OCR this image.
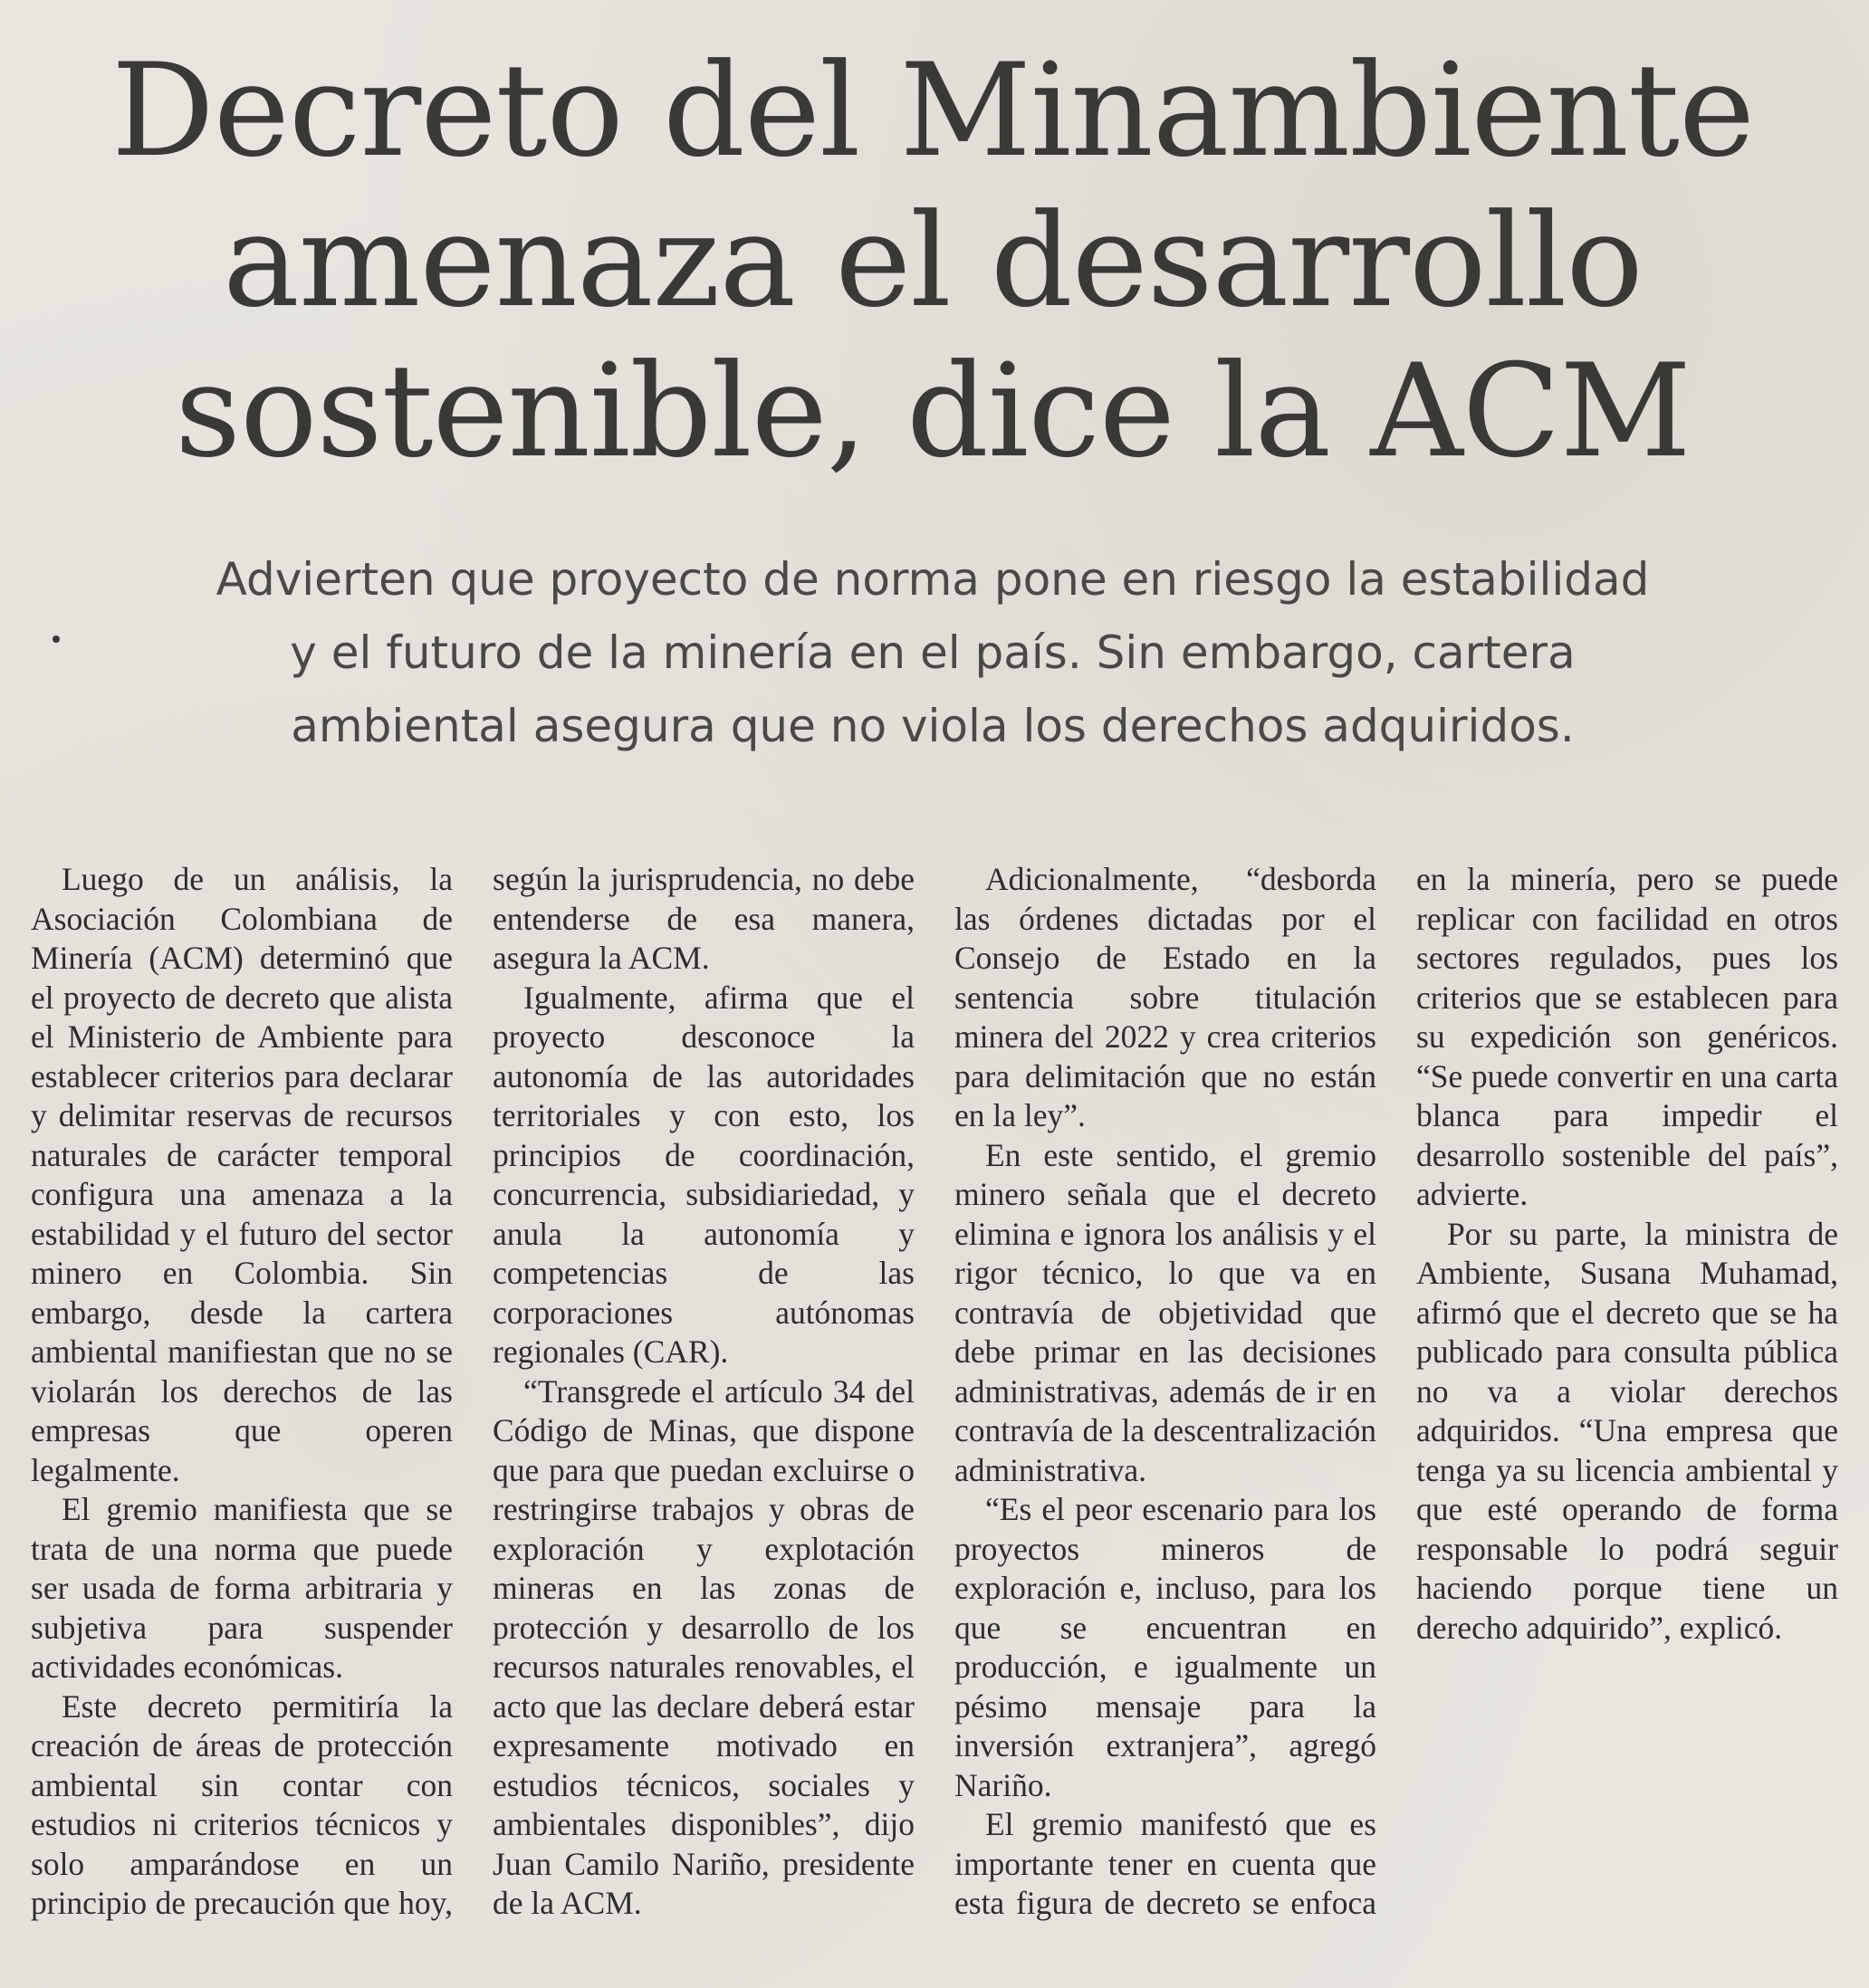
Decreto del Minambiente
amenaza el desarrollo
sostenible, dice la ACM
Advierten que proyecto de norma pone en riesgo la estabilidad
y el futuro de la minería en el país. Sin embargo, cartera
ambiental asegura que no viola los derechos adquiridos.

Luego de un análisis, la Asociación Colombiana de Minería (ACM) determinó que el proyecto de decreto que alista el Ministerio de Ambiente para establecer criterios para declarar y delimitar reservas de recursos naturales de carácter temporal configura una amenaza a la estabilidad y el futuro del sector minero en Colombia. Sin embargo, desde la cartera ambiental manifiestan que no se violarán los derechos de las empresas que operen legalmente.

El gremio manifiesta que se trata de una norma que puede ser usada de forma arbitraria y subjetiva para suspender actividades económicas.

Este decreto permitiría la creación de áreas de protección ambiental sin contar con estudios ni criterios técnicos y solo amparándose en un principio de precaución que hoy, según la jurisprudencia, no debe entenderse de esa manera, asegura la ACM.

Igualmente, afirma que el proyecto desconoce la autonomía de las autoridades territoriales y con esto, los principios de coordinación, concurrencia, subsidiariedad, y anula la autonomía y competencias de las corporaciones autónomas regionales (CAR).

“Transgrede el artículo 34 del Código de Minas, que dispone que para que puedan excluirse o restringirse trabajos y obras de exploración y explotación mineras en las zonas de protección y desarrollo de los recursos naturales renovables, el acto que las declare deberá estar expresamente motivado en estudios técnicos, sociales y ambientales disponibles”, dijo Juan Camilo Nariño, presidente de la ACM.

Adicionalmente, “desborda las órdenes dictadas por el Consejo de Estado en la sentencia sobre titulación minera del 2022 y crea criterios para delimitación que no están en la ley”.

En este sentido, el gremio minero señala que el decreto elimina e ignora los análisis y el rigor técnico, lo que va en contravía de objetividad que debe primar en las decisiones administrativas, además de ir en contravía de la descentralización administrativa.

“Es el peor escenario para los proyectos mineros de exploración e, incluso, para los que se encuentran en producción, e igualmente un pésimo mensaje para la inversión extranjera”, agregó Nariño.

El gremio manifestó que es importante tener en cuenta que esta figura de decreto se enfoca en la minería, pero se puede replicar con facilidad en otros sectores regulados, pues los criterios que se establecen para su expedición son genéricos. “Se puede convertir en una carta blanca para impedir el desarrollo sostenible del país”, advierte.

Por su parte, la ministra de Ambiente, Susana Muhamad, afirmó que el decreto que se ha publicado para consulta pública no va a violar derechos adquiridos. “Una empresa que tenga ya su licencia ambiental y que esté operando de forma responsable lo podrá seguir haciendo porque tiene un derecho adquirido”, explicó.
